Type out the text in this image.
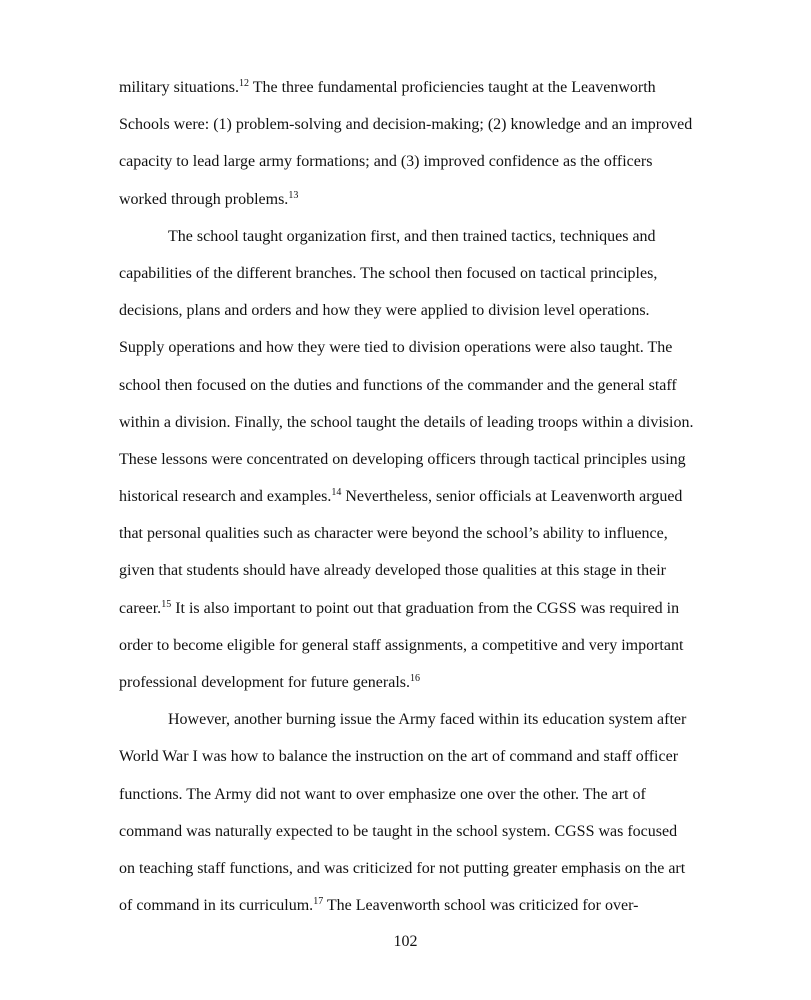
military situations.$^{12}$ The three fundamental proficiencies taught at the Leavenworth
Schools were: (1) problem-solving and decision-making; (2) knowledge and an improved
capacity to lead large army formations; and (3) improved confidence as the officers
worked through problems.$^{13}$
The school taught organization first, and then trained tactics, techniques and
capabilities of the different branches. The school then focused on tactical principles,
decisions, plans and orders and how they were applied to division level operations.
Supply operations and how they were tied to division operations were also taught. The
school then focused on the duties and functions of the commander and the general staff
within a division. Finally, the school taught the details of leading troops within a division.
These lessons were concentrated on developing officers through tactical principles using
historical research and examples.$^{14}$ Nevertheless, senior officials at Leavenworth argued
that personal qualities such as character were beyond the school’s ability to influence,
given that students should have already developed those qualities at this stage in their
career.$^{15}$ It is also important to point out that graduation from the CGSS was required in
order to become eligible for general staff assignments, a competitive and very important
professional development for future generals.$^{16}$
However, another burning issue the Army faced within its education system after
World War I was how to balance the instruction on the art of command and staff officer
functions. The Army did not want to over emphasize one over the other. The art of
command was naturally expected to be taught in the school system. CGSS was focused
on teaching staff functions, and was criticized for not putting greater emphasis on the art
of command in its curriculum.$^{17}$ The Leavenworth school was criticized for over-
102
